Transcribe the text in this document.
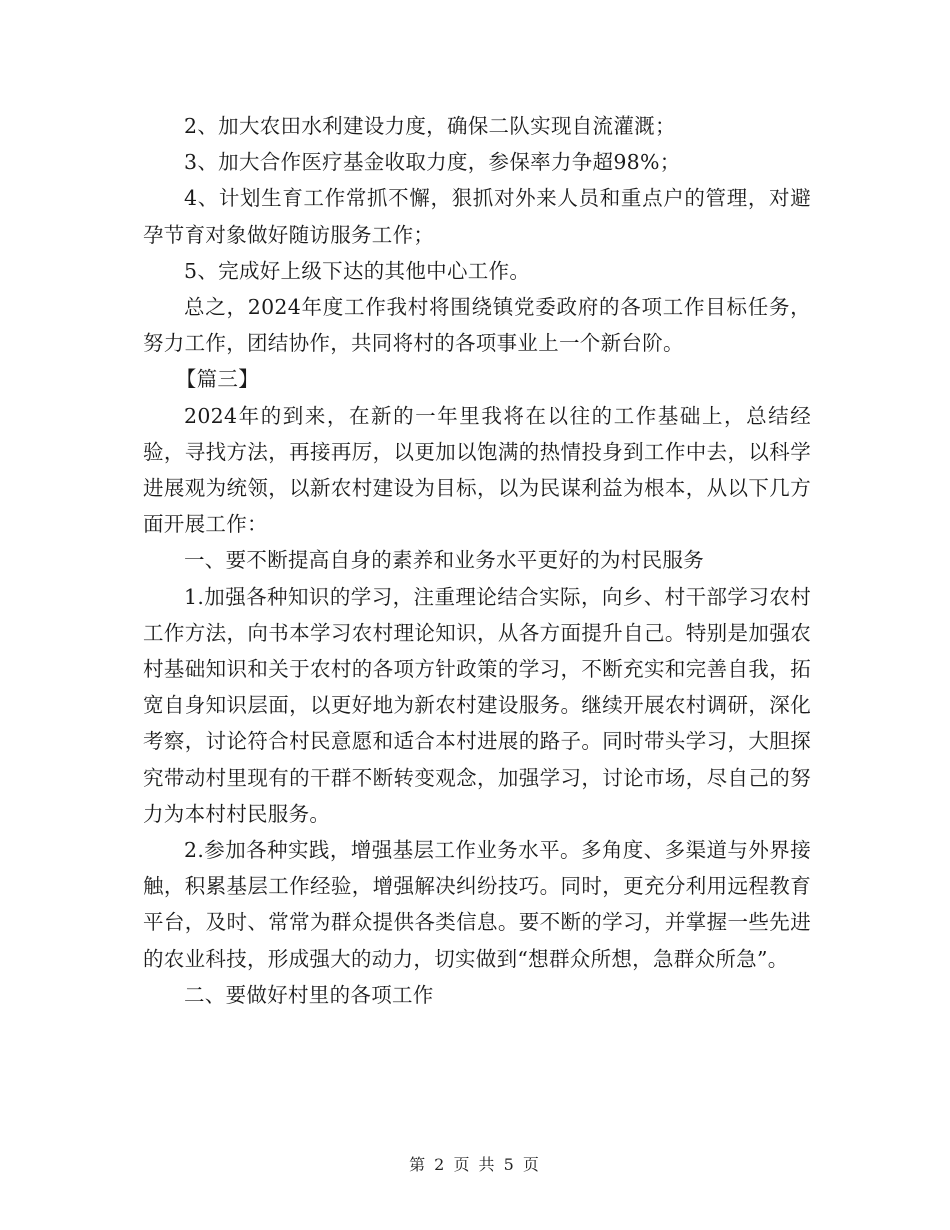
2、加大农田水利建设力度，确保二队实现自流灌溉；

3、加大合作医疗基金收取力度，参保率力争超98%；

4、计划生育工作常抓不懈，狠抓对外来人员和重点户的管理，对避孕节育对象做好随访服务工作；

5、完成好上级下达的其他中心工作。

总之，2024年度工作我村将围绕镇党委政府的各项工作目标任务，努力工作，团结协作，共同将村的各项事业上一个新台阶。

【篇三】

2024年的到来，在新的一年里我将在以往的工作基础上，总结经验，寻找方法，再接再厉，以更加以饱满的热情投身到工作中去，以科学进展观为统领，以新农村建设为目标，以为民谋利益为根本，从以下几方面开展工作：

一、要不断提高自身的素养和业务水平更好的为村民服务

1.加强各种知识的学习，注重理论结合实际，向乡、村干部学习农村工作方法，向书本学习农村理论知识，从各方面提升自己。特别是加强农村基础知识和关于农村的各项方针政策的学习，不断充实和完善自我，拓宽自身知识层面，以更好地为新农村建设服务。继续开展农村调研，深化考察，讨论符合村民意愿和适合本村进展的路子。同时带头学习，大胆探究带动村里现有的干群不断转变观念，加强学习，讨论市场，尽自己的努力为本村村民服务。

2.参加各种实践，增强基层工作业务水平。多角度、多渠道与外界接触，积累基层工作经验，增强解决纠纷技巧。同时，更充分利用远程教育平台，及时、常常为群众提供各类信息。要不断的学习，并掌握一些先进的农业科技，形成强大的动力，切实做到“想群众所想，急群众所急”。

二、要做好村里的各项工作

第 2 页 共 5 页
